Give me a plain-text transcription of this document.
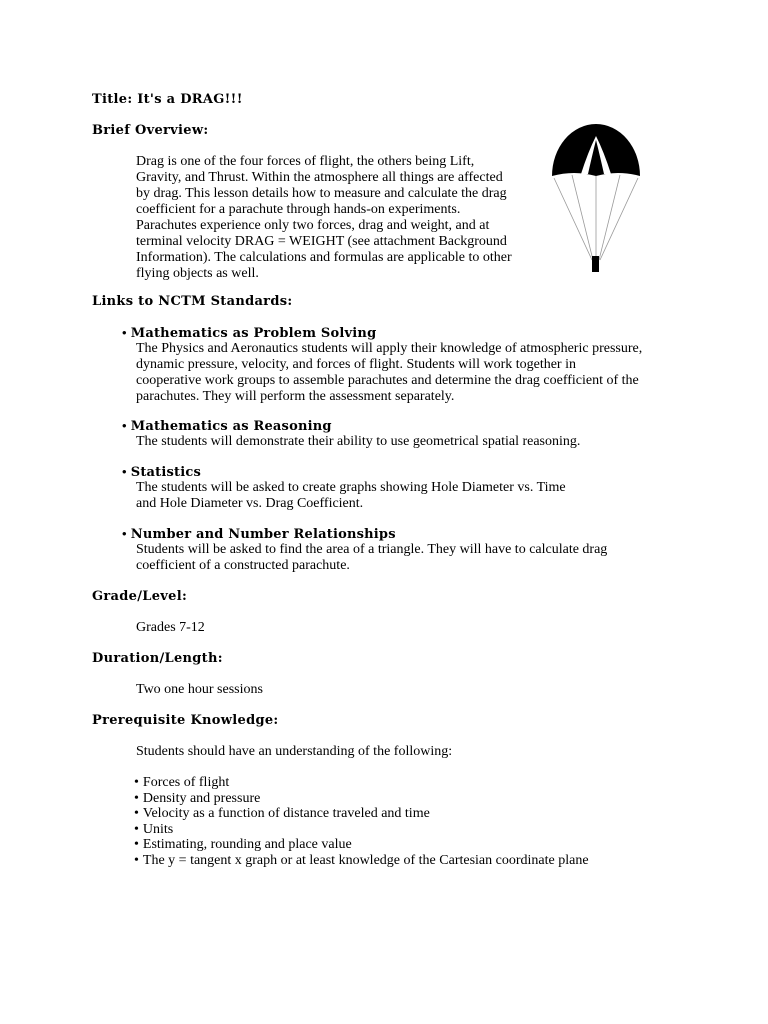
Title: It's a DRAG!!!
Brief Overview:

Drag is one of the four forces of flight, the others being Lift,
Gravity, and Thrust. Within the atmosphere all things are affected
by drag. This lesson details how to measure and calculate the drag
coefficient for a parachute through hands-on experiments.
Parachutes experience only two forces, drag and weight, and at
terminal velocity DRAG = WEIGHT (see attachment Background
Information). The calculations and formulas are applicable to other
flying objects as well.

Links to NCTM Standards:
• Mathematics as Problem Solving

The Physics and Aeronautics students will apply their knowledge of atmospheric pressure,
dynamic pressure, velocity, and forces of flight. Students will work together in
cooperative work groups to assemble parachutes and determine the drag coefficient of the
parachutes. They will perform the assessment separately.

• Mathematics as Reasoning

The students will demonstrate their ability to use geometrical spatial reasoning.

• Statistics

The students will be asked to create graphs showing Hole Diameter vs. Time
and Hole Diameter vs. Drag Coefficient.

• Number and Number Relationships

Students will be asked to find the area of a triangle. They will have to calculate drag
coefficient of a constructed parachute.

Grade/Level:

Grades 7-12

Duration/Length:

Two one hour sessions

Prerequisite Knowledge:

Students should have an understanding of the following:

• Forces of flight
• Density and pressure
• Velocity as a function of distance traveled and time
• Units
• Estimating, rounding and place value
• The y = tangent x graph or at least knowledge of the Cartesian coordinate plane
